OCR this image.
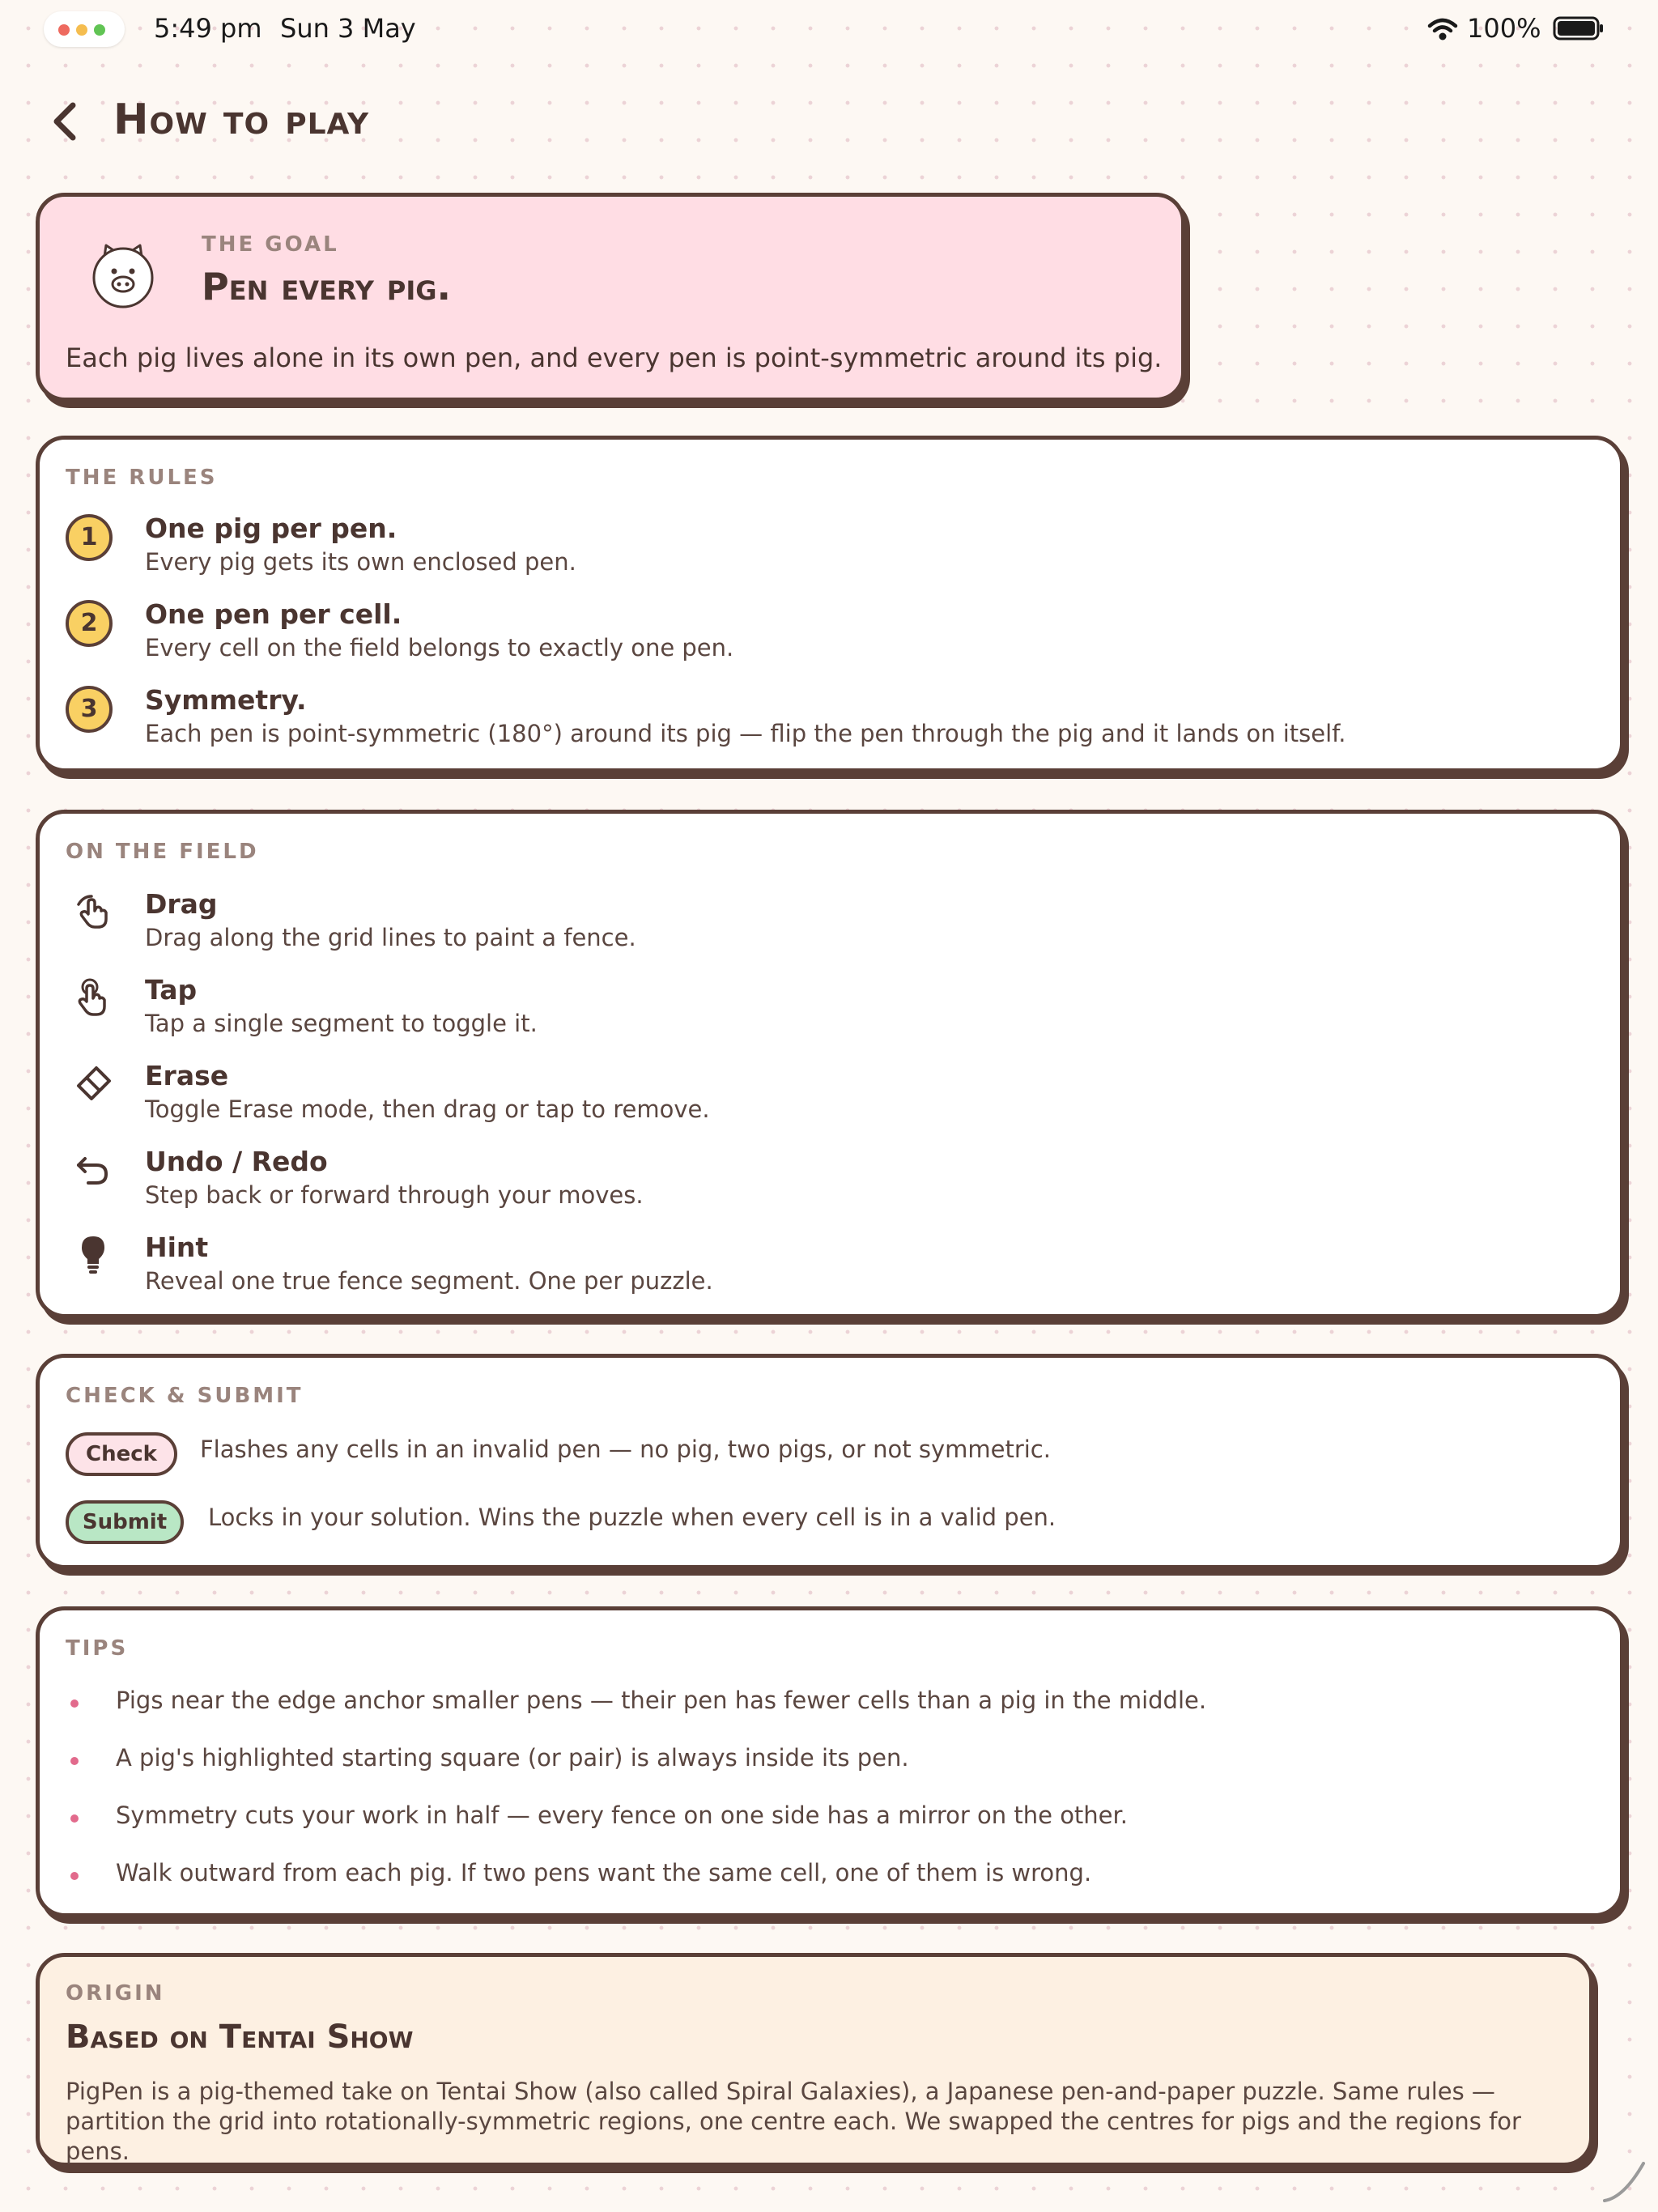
5:49 pm Sun 3 May	100%
How to play
THE GOAL
Pen every pig.
Each pig lives alone in its own pen, and every pen is point-symmetric around its pig.
THE RULES
1	One pig per pen.
Every pig gets its own enclosed pen.
2	One pen per cell.
Every cell on the field belongs to exactly one pen.
3	Symmetry.
Each pen is point-symmetric (180°) around its pig — flip the pen through the pig and it lands on itself.
ON THE FIELD
Drag
Drag along the grid lines to paint a fence.
Tap
Tap a single segment to toggle it.
Erase
Toggle Erase mode, then drag or tap to remove.
Undo / Redo
Step back or forward through your moves.
Hint
Reveal one true fence segment. One per puzzle.
CHECK & SUBMIT
Check	Flashes any cells in an invalid pen — no pig, two pigs, or not symmetric.
Submit	Locks in your solution. Wins the puzzle when every cell is in a valid pen.
TIPS
Pigs near the edge anchor smaller pens — their pen has fewer cells than a pig in the middle.
A pig's highlighted starting square (or pair) is always inside its pen.
Symmetry cuts your work in half — every fence on one side has a mirror on the other.
Walk outward from each pig. If two pens want the same cell, one of them is wrong.
ORIGIN
Based on Tentai Show
PigPen is a pig-themed take on Tentai Show (also called Spiral Galaxies), a Japanese pen-and-paper puzzle. Same rules — partition the grid into rotationally-symmetric regions, one centre each. We swapped the centres for pigs and the regions for pens.
